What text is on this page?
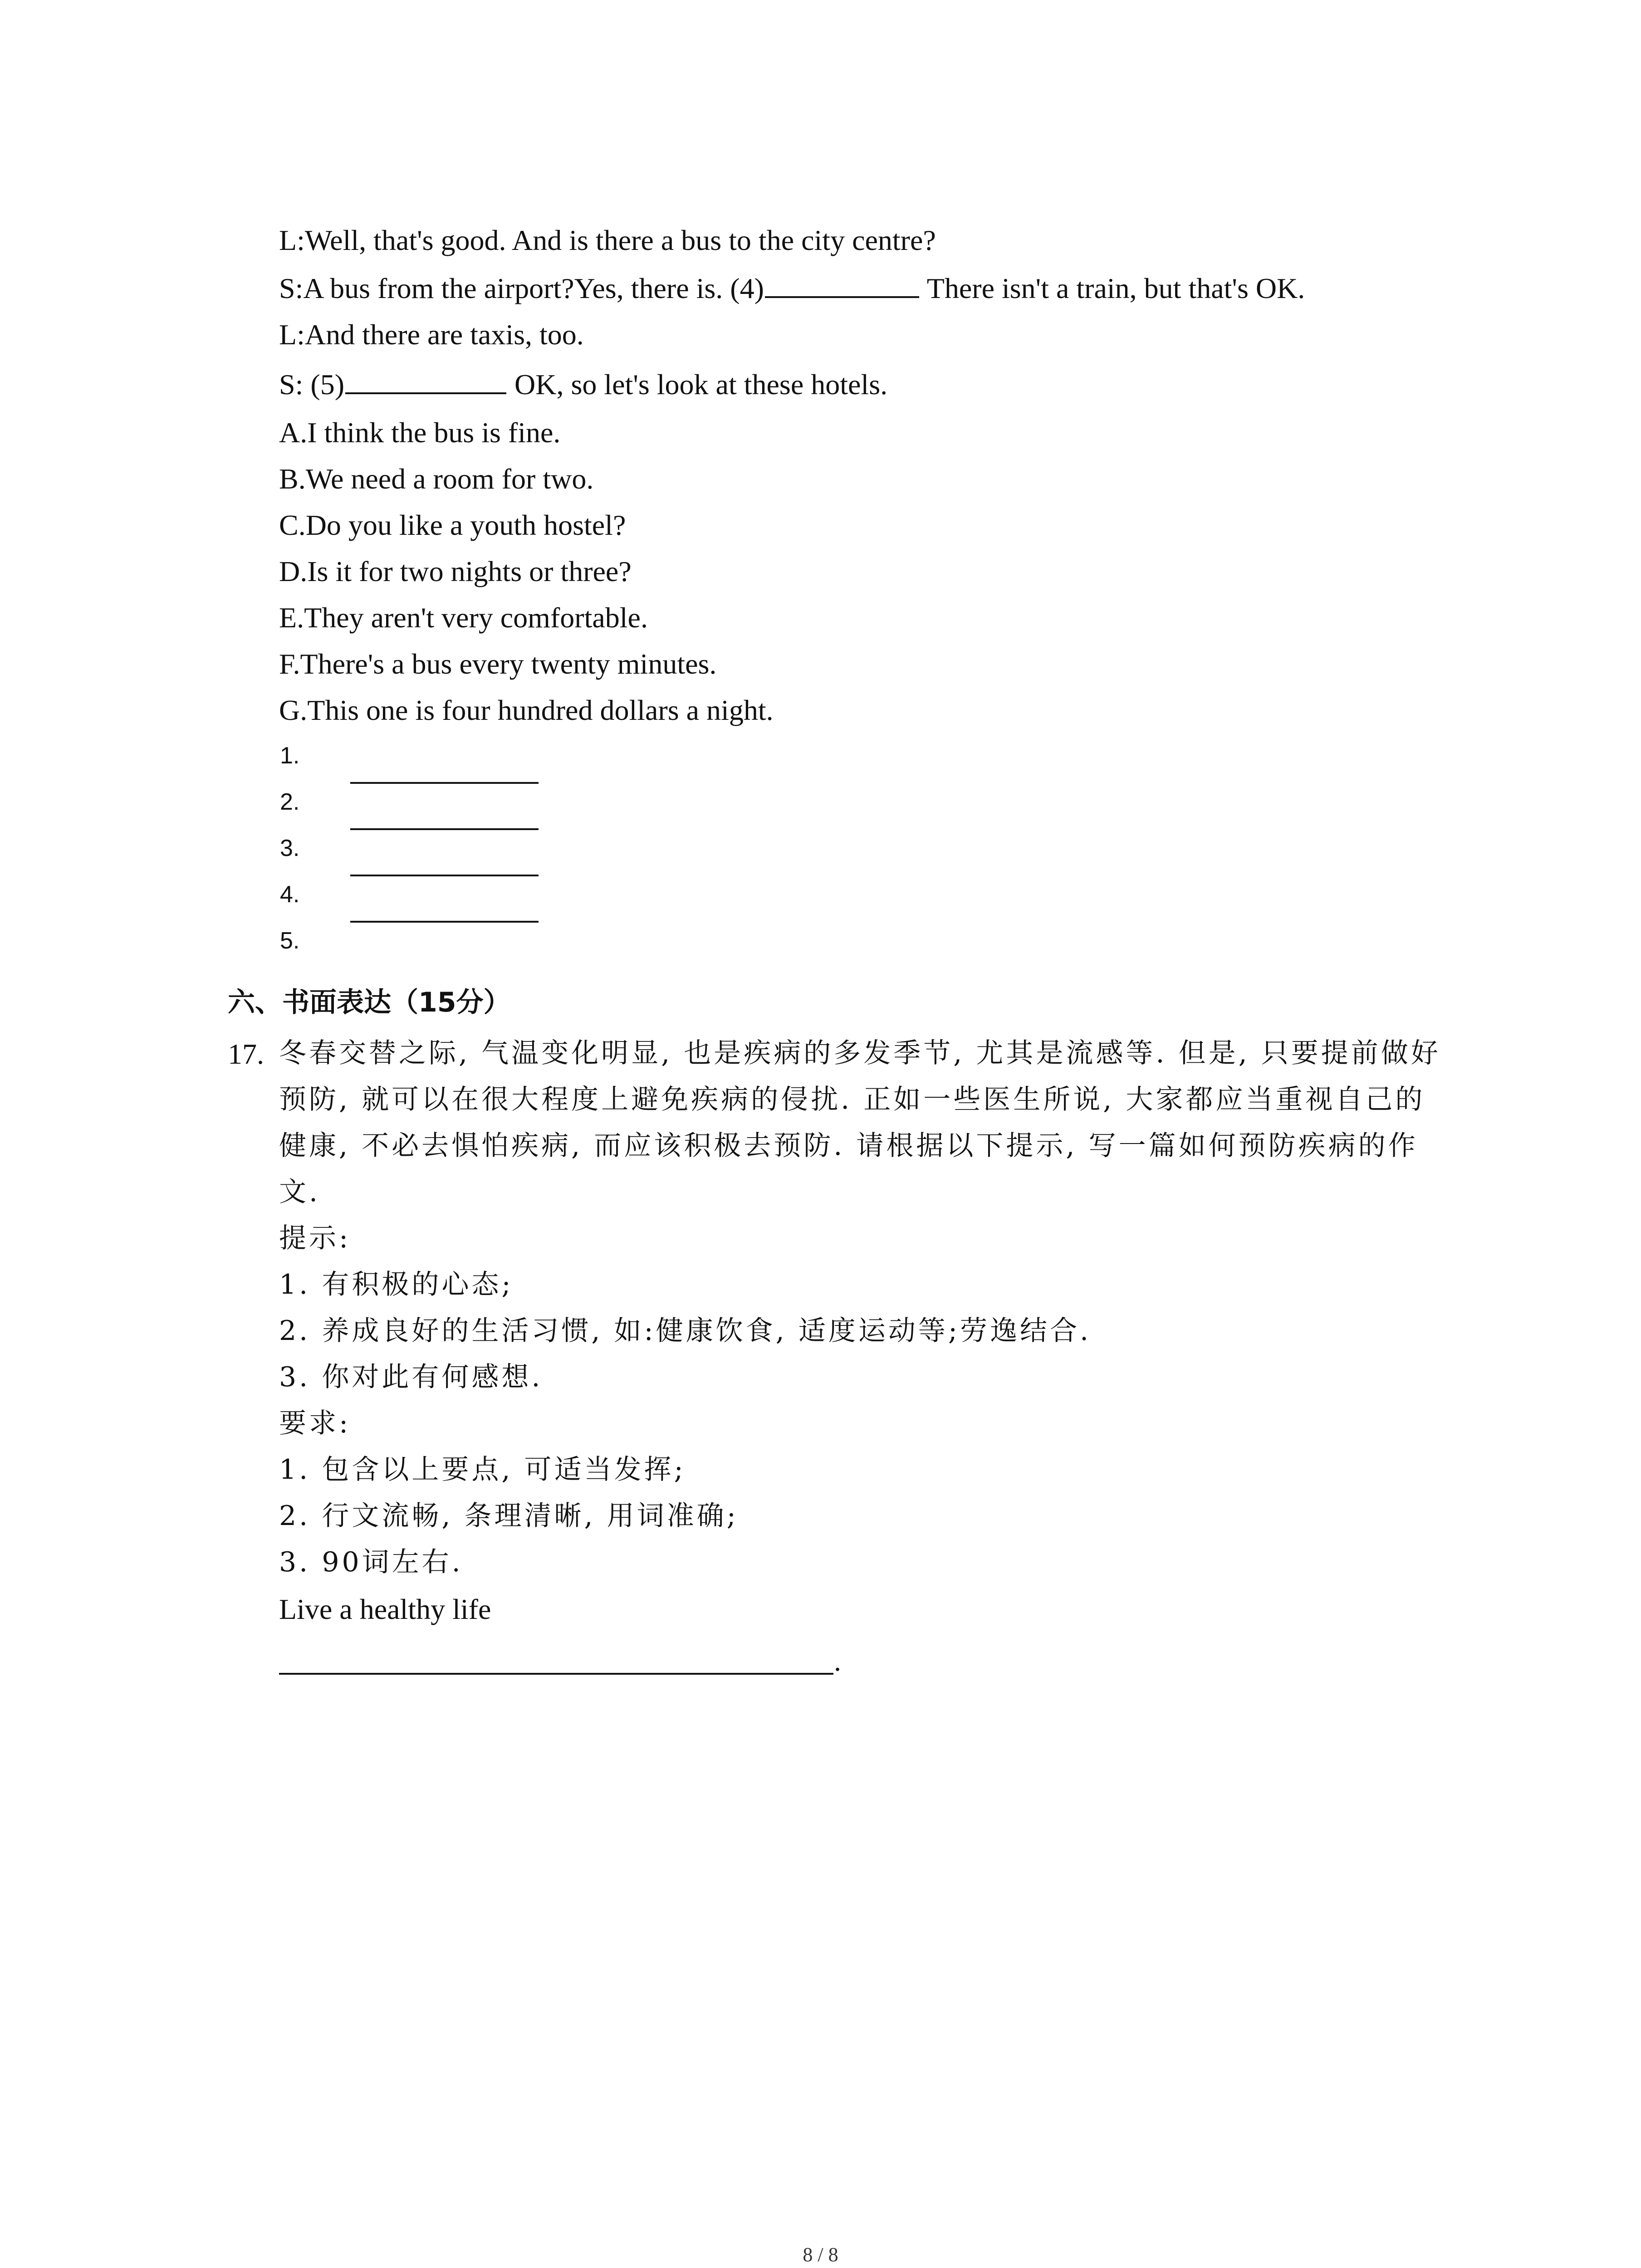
L:Well, that's good. And is there a bus to the city centre?
S:A bus from the airport?Yes, there is. (4)	There isn't a train, but that's OK.
L:And there are taxis, too.
S: (5)	OK, so let's look at these hotels.
A.I think the bus is fine.
B.We need a room for two.
C.Do you like a youth hostel?
D.Is it for two nights or three?
E.They aren't very comfortable.
F.There's a bus every twenty minutes.
G.This one is four hundred dollars a night.
1.
2.
3.
4.
5.
六、书面表达（15分）
17. 冬春交替之际, 气温变化明显, 也是疾病的多发季节, 尤其是流感等. 但是, 只要提前做好
预防, 就可以在很大程度上避免疾病的侵扰. 正如一些医生所说, 大家都应当重视自己的
健康, 不必去惧怕疾病, 而应该积极去预防. 请根据以下提示, 写一篇如何预防疾病的作
文.
提示:
1. 有积极的心态;
2. 养成良好的生活习惯, 如:健康饮食, 适度运动等;劳逸结合.
3. 你对此有何感想.
要求:
1. 包含以上要点, 可适当发挥;
2. 行文流畅, 条理清晰, 用词准确;
3. 90词左右.
Live a healthy life
.
8 / 8
